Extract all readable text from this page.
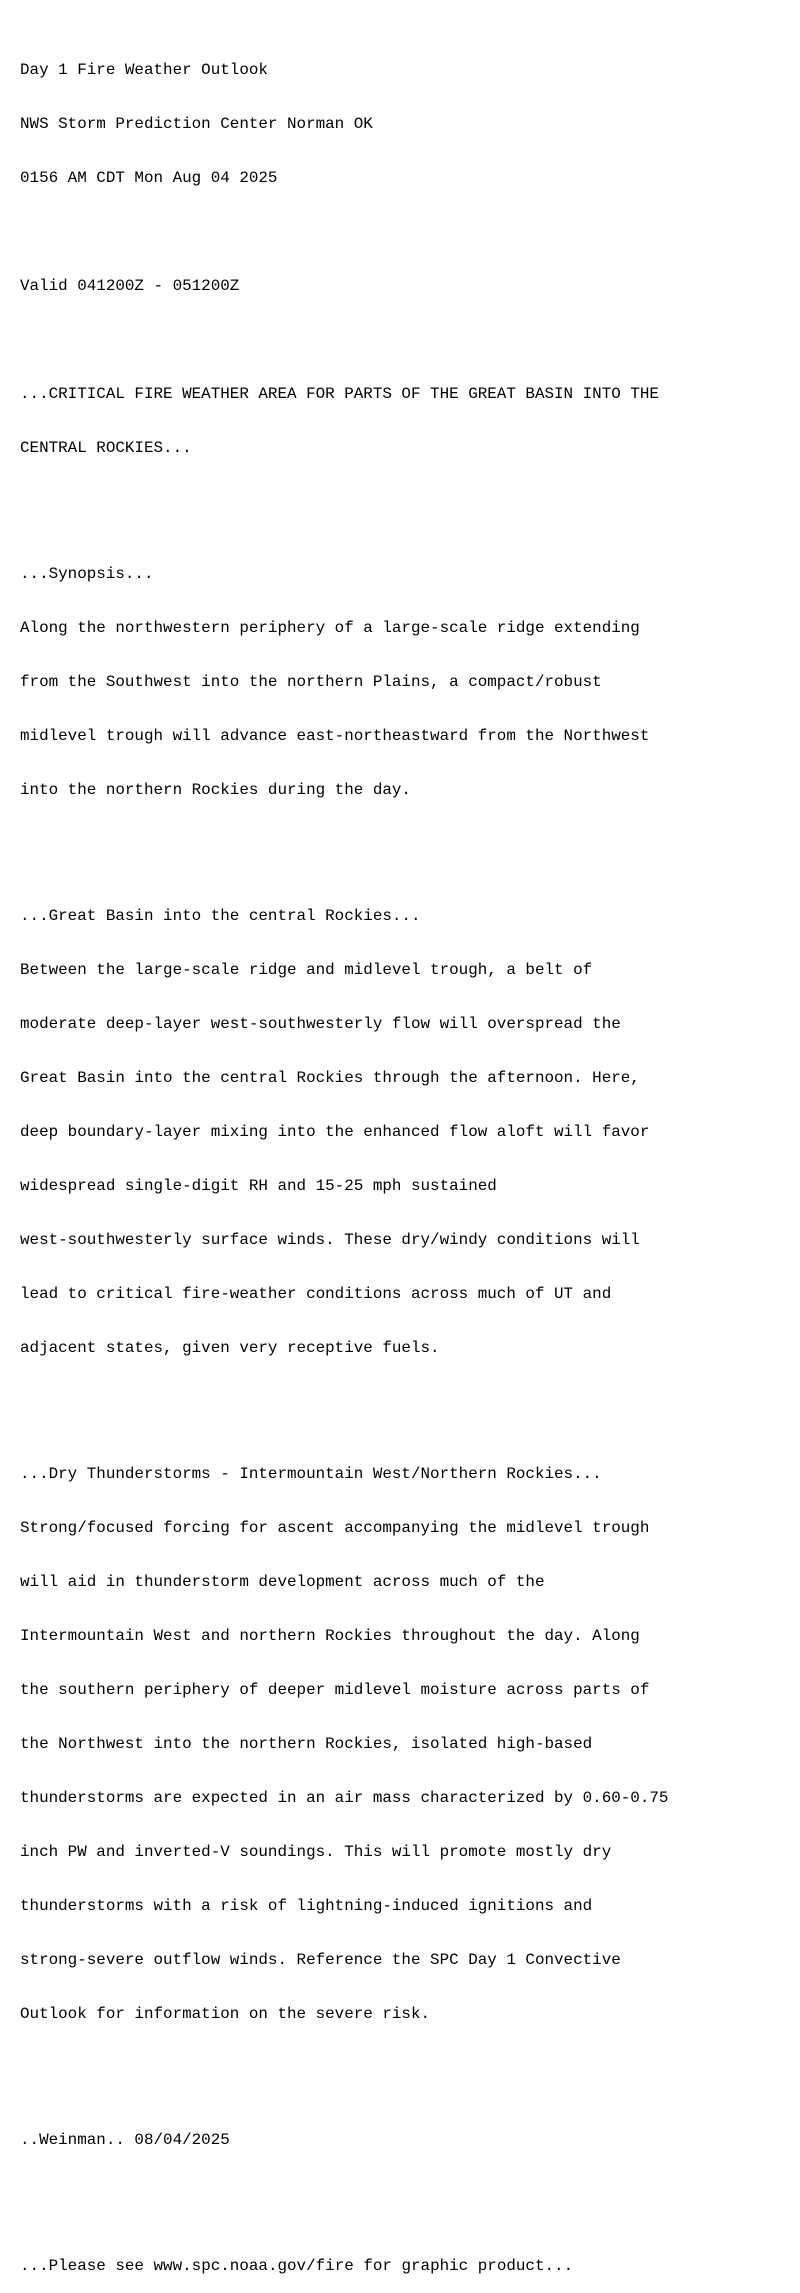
Day 1 Fire Weather Outlook

NWS Storm Prediction Center Norman OK

0156 AM CDT Mon Aug 04 2025

Valid 041200Z - 051200Z

...CRITICAL FIRE WEATHER AREA FOR PARTS OF THE GREAT BASIN INTO THE

CENTRAL ROCKIES...

...Synopsis...

Along the northwestern periphery of a large-scale ridge extending

from the Southwest into the northern Plains, a compact/robust

midlevel trough will advance east-northeastward from the Northwest

into the northern Rockies during the day.

...Great Basin into the central Rockies...

Between the large-scale ridge and midlevel trough, a belt of

moderate deep-layer west-southwesterly flow will overspread the

Great Basin into the central Rockies through the afternoon. Here,

deep boundary-layer mixing into the enhanced flow aloft will favor

widespread single-digit RH and 15-25 mph sustained

west-southwesterly surface winds. These dry/windy conditions will

lead to critical fire-weather conditions across much of UT and

adjacent states, given very receptive fuels.

...Dry Thunderstorms - Intermountain West/Northern Rockies...

Strong/focused forcing for ascent accompanying the midlevel trough

will aid in thunderstorm development across much of the

Intermountain West and northern Rockies throughout the day. Along

the southern periphery of deeper midlevel moisture across parts of

the Northwest into the northern Rockies, isolated high-based

thunderstorms are expected in an air mass characterized by 0.60-0.75

inch PW and inverted-V soundings. This will promote mostly dry

thunderstorms with a risk of lightning-induced ignitions and

strong-severe outflow winds. Reference the SPC Day 1 Convective

Outlook for information on the severe risk.

..Weinman.. 08/04/2025

...Please see www.spc.noaa.gov/fire for graphic product...
